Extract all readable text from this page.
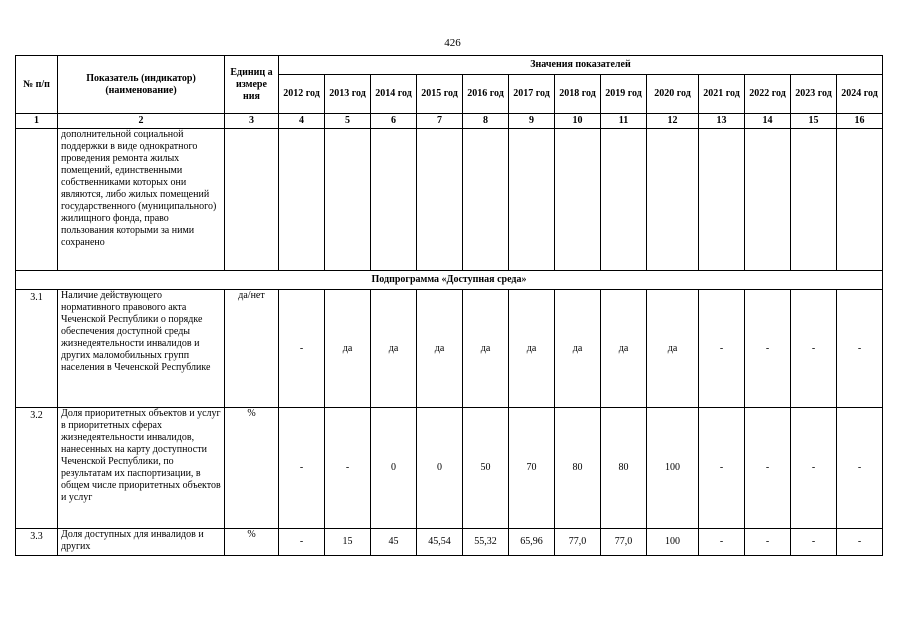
426
№ п/п	Показатель (индикатор) (наименование)	Единиц а измере ния	Значения показателей												
			2012 год	2013 год	2014 год	2015 год	2016 год	2017 год	2018 год	2019 год	2020 год	2021 год	2022 год	2023 год	2024 год
1	2	3	4	5	6	7	8	9	10	11	12	13	14	15	16
	дополнительной социальной поддержки в виде однократного проведения ремонта жилых помещений, единственными собственниками которых они являются, либо жилых помещений государственного (муниципального) жилищного фонда, право пользования которыми за ними сохранено														
Подпрограмма «Доступная среда»															
3.1	Наличие действующего нормативного правового акта Чеченской Республики о порядке обеспечения доступной среды жизнедеятельности инвалидов и других маломобильных групп населения в Чеченской Республике	да/нет	-	да	да	да	да	да	да	да	да	-	-	-	-
3.2	Доля приоритетных объектов и услуг в приоритетных сферах жизнедеятельности инвалидов, нанесенных на карту доступности Чеченской Республики, по результатам их паспортизации, в общем числе приоритетных объектов и услуг	%	-	-	0	0	50	70	80	80	100	-	-	-	-
3.3	Доля доступных для инвалидов и других	%	-	15	45	45,54	55,32	65,96	77,0	77,0	100	-	-	-	-
